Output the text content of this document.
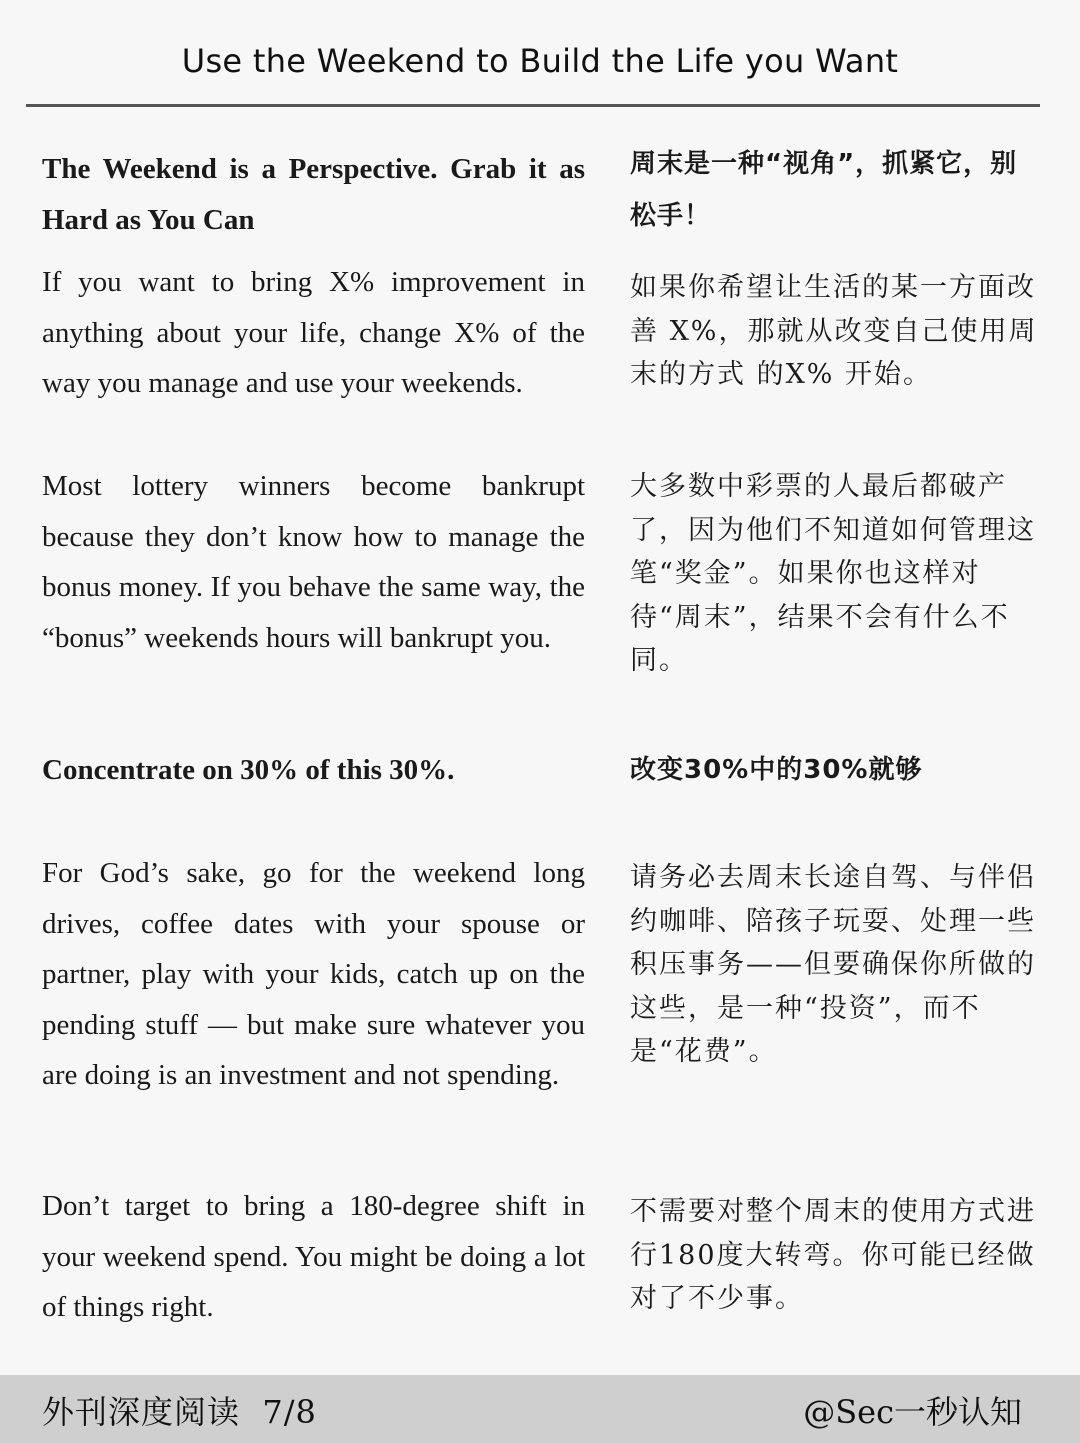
Use the Weekend to Build the Life you Want
The Weekend is a Perspective. Grab it as Hard as You Can
周末是一种“视角”，抓紧它，别松手！
If you want to bring X% improvement in anything about your life, change X% of the way you manage and use your weekends.
如果你希望让生活的某一方面改善 X%，那就从改变自己使用周末的方式 的X% 开始。
Most lottery winners become bankrupt because they don’t know how to manage the bonus money. If you behave the same way, the “bonus” weekends hours will bankrupt you.
大多数中彩票的人最后都破产了，因为他们不知道如何管理这笔“奖金”。如果你也这样对待“周末”，结果不会有什么不同。
Concentrate on 30% of this 30%.	改变30%中的30%就够
For God’s sake, go for the weekend long drives, coffee dates with your spouse or partner, play with your kids, catch up on the pending stuff — but make sure whatever you are doing is an investment and not spending.
请务必去周末长途自驾、与伴侣约咖啡、陪孩子玩耍、处理一些积压事务——但要确保你所做的这些，是一种“投资”，而不是“花费”。
Don’t target to bring a 180-degree shift in your weekend spend. You might be doing a lot of things right.
不需要对整个周末的使用方式进行180度大转弯。你可能已经做对了不少事。
外刊深度阅读  7/8	@Sec一秒认知
